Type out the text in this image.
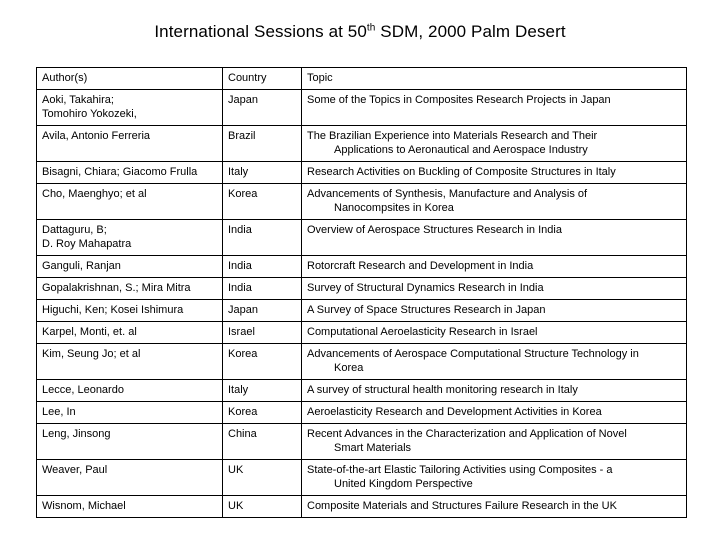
International Sessions at 50th SDM, 2000 Palm Desert
Author(s)	Country	Topic

Aoki, Takahira;
Tomohiro Yokozeki,	Japan	Some of the Topics in Composites Research Projects in Japan

Avila, Antonio Ferreria	Brazil	The Brazilian Experience into Materials Research and Their
Applications to Aeronautical and Aerospace Industry

Bisagni, Chiara; Giacomo Frulla	Italy	Research Activities on Buckling of Composite Structures in Italy

Cho, Maenghyo; et al	Korea	Advancements of Synthesis, Manufacture and Analysis of
Nanocompsites in Korea

Dattaguru, B;
D. Roy Mahapatra	India	Overview of Aerospace Structures Research in India

Ganguli, Ranjan	India	Rotorcraft Research and Development in India

Gopalakrishnan, S.; Mira Mitra	India	Survey of Structural Dynamics Research in India

Higuchi, Ken; Kosei Ishimura	Japan	A Survey of Space Structures Research in Japan

Karpel, Monti, et. al	Israel	Computational Aeroelasticity Research in Israel

Kim, Seung Jo; et al	Korea	Advancements of Aerospace Computational Structure Technology in
Korea

Lecce, Leonardo	Italy	A survey of structural health monitoring research in Italy

Lee, In	Korea	Aeroelasticity Research and Development Activities in Korea

Leng, Jinsong	China	Recent Advances in the Characterization and Application of Novel
Smart Materials

Weaver, Paul	UK	State-of-the-art Elastic Tailoring Activities using Composites - a
United Kingdom Perspective

Wisnom, Michael	UK	Composite Materials and Structures Failure Research in the UK
